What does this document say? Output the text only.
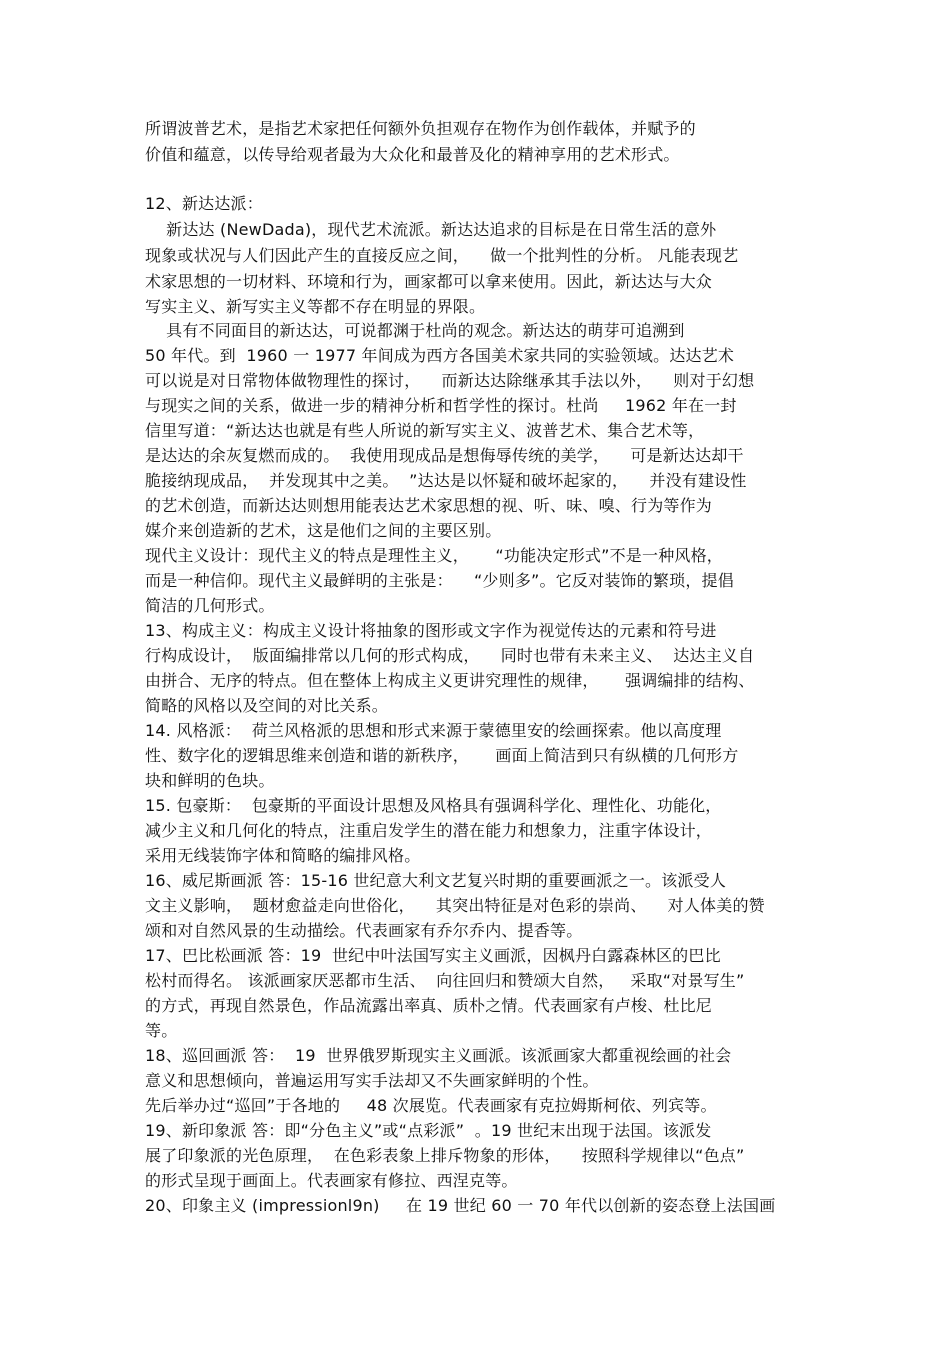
所谓波普艺术，是指艺术家把任何额外负担观存在物作为创作载体，并赋予的
价值和蕴意，以传导给观者最为大众化和最普及化的精神享用的艺术形式。
12、新达达派：
新达达 (NewDada)，现代艺术流派。新达达追求的目标是在日常生活的意外
现象或状况与人们因此产生的直接反应之间，    做一个批判性的分析。 凡能表现艺
术家思想的一切材料、环境和行为，画家都可以拿来使用。因此，新达达与大众
写实主义、新写实主义等都不存在明显的界限。
具有不同面目的新达达，可说都渊于杜尚的观念。新达达的萌芽可追溯到
50 年代。到  1960 一 1977 年间成为西方各国美术家共同的实验领域。达达艺术
可以说是对日常物体做物理性的探讨，    而新达达除继承其手法以外，    则对于幻想
与现实之间的关系，做进一步的精神分析和哲学性的探讨。杜尚     1962 年在一封
信里写道：“新达达也就是有些人所说的新写实主义、波普艺术、集合艺术等，
是达达的余灰复燃而成的。  我使用现成品是想侮辱传统的美学，    可是新达达却干
脆接纳现成品，  并发现其中之美。  ”达达是以怀疑和破坏起家的，    并没有建设性
的艺术创造，而新达达则想用能表达艺术家思想的视、听、味、嗅、行为等作为
媒介来创造新的艺术，这是他们之间的主要区别。
现代主义设计：现代主义的特点是理性主义，     “功能决定形式”不是一种风格，
而是一种信仰。现代主义最鲜明的主张是：    “少则多”。它反对装饰的繁琐，提倡
简洁的几何形式。
13、构成主义：构成主义设计将抽象的图形或文字作为视觉传达的元素和符号进
行构成设计，  版面编排常以几何的形式构成，    同时也带有未来主义、  达达主义自
由拼合、无序的特点。但在整体上构成主义更讲究理性的规律，     强调编排的结构、
简略的风格以及空间的对比关系。
14. 风格派：  荷兰风格派的思想和形式来源于蒙德里安的绘画探索。他以高度理
性、数字化的逻辑思维来创造和谐的新秩序，     画面上简洁到只有纵横的几何形方
块和鲜明的色块。
15. 包豪斯：  包豪斯的平面设计思想及风格具有强调科学化、理性化、功能化，
减少主义和几何化的特点，注重启发学生的潜在能力和想象力，注重字体设计，
采用无线装饰字体和简略的编排风格。
16、威尼斯画派 答：15-16 世纪意大利文艺复兴时期的重要画派之一。该派受人
文主义影响，  题材愈益走向世俗化，    其突出特征是对色彩的崇尚、    对人体美的赞
颂和对自然风景的生动描绘。代表画家有乔尔乔内、提香等。
17、巴比松画派 答：19  世纪中叶法国写实主义画派，因枫丹白露森林区的巴比
松村而得名。 该派画家厌恶都市生活、  向往回归和赞颂大自然，   采取“对景写生”
的方式，再现自然景色，作品流露出率真、质朴之情。代表画家有卢梭、杜比尼
等。
18、巡回画派 答：  19  世界俄罗斯现实主义画派。该派画家大都重视绘画的社会
意义和思想倾向，普遍运用写实手法却又不失画家鲜明的个性。
先后举办过“巡回”于各地的     48 次展览。代表画家有克拉姆斯柯依、列宾等。
19、新印象派 答：即“分色主义”或“点彩派”  。19 世纪末出现于法国。该派发
展了印象派的光色原理，  在色彩表象上排斥物象的形体，    按照科学规律以“色点”
的形式呈现于画面上。代表画家有修拉、西涅克等。
20、印象主义 (impressionl9n)     在 19 世纪 60 一 70 年代以创新的姿态登上法国画
